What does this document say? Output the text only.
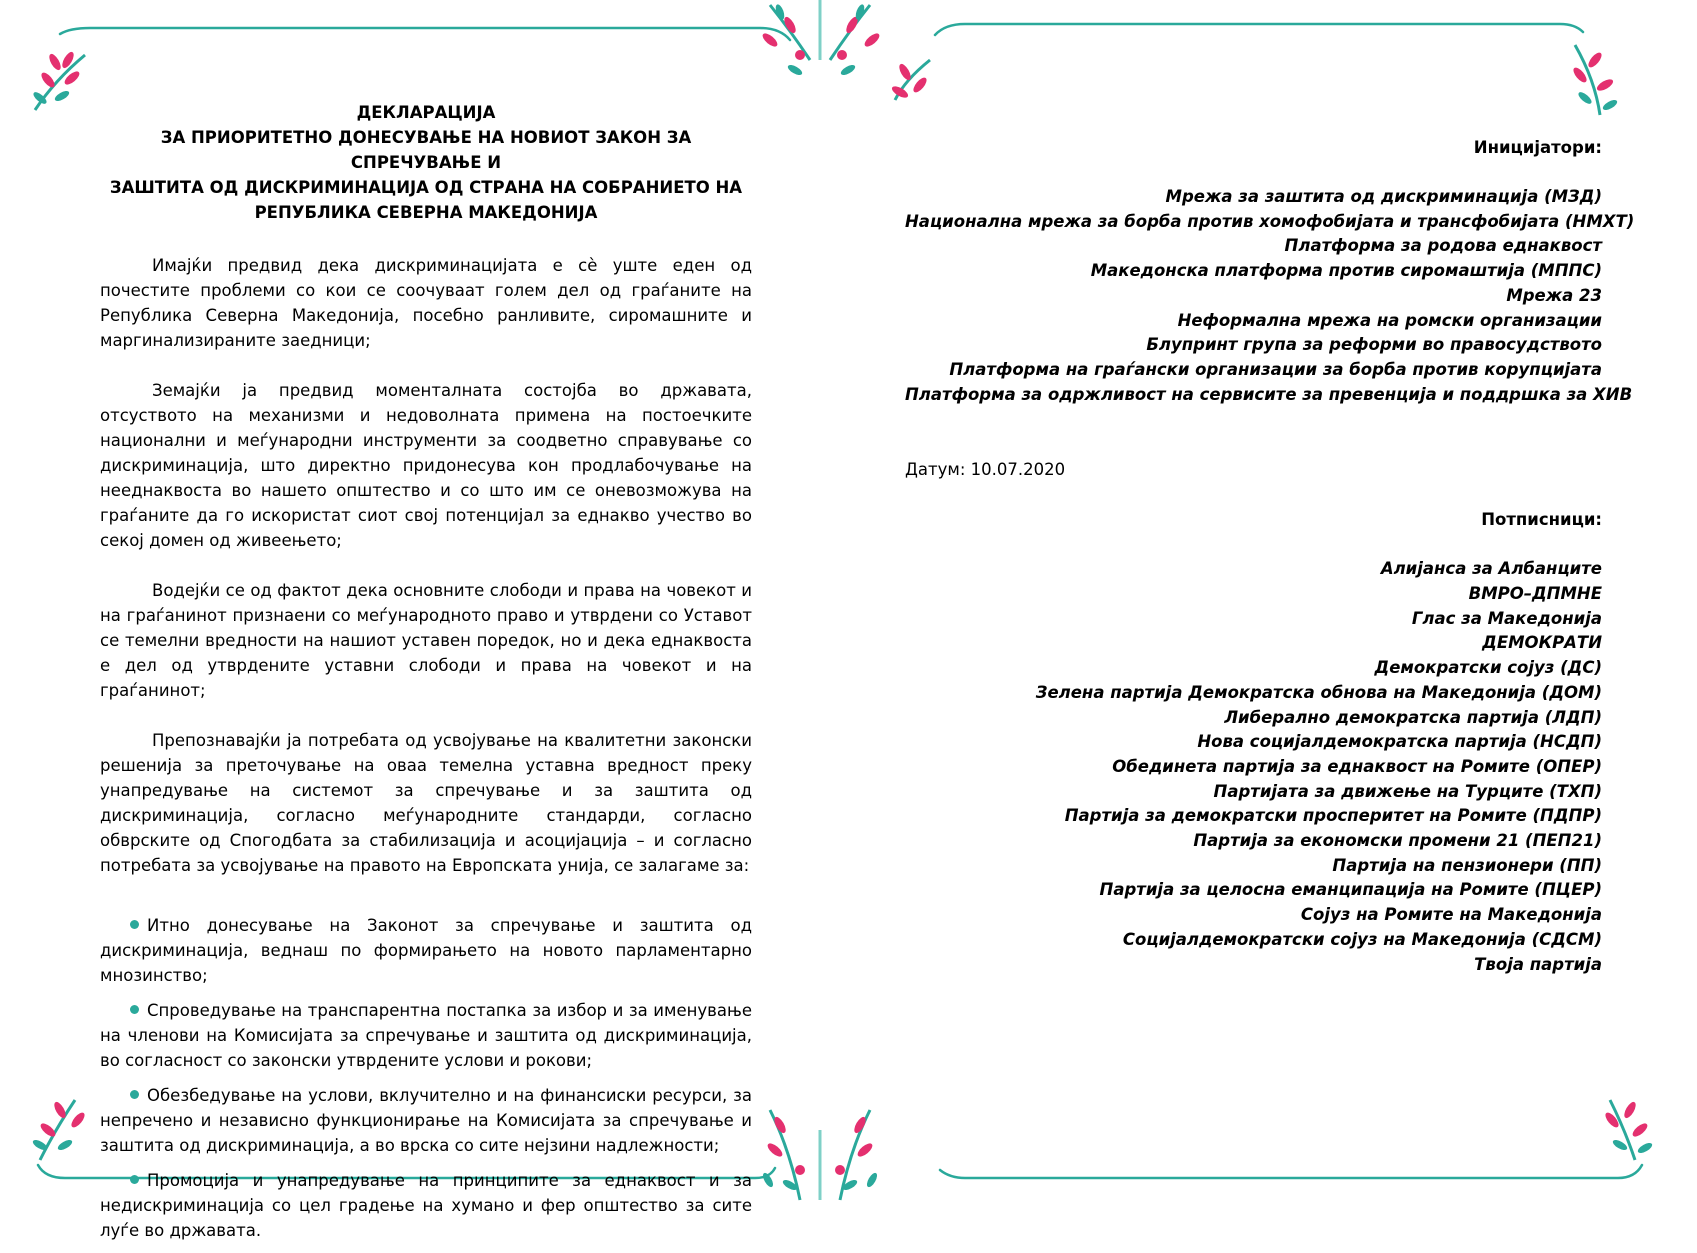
ДЕКЛАРАЦИЈА
ЗА ПРИОРИТЕТНО ДОНЕСУВАЊЕ НА НОВИОТ ЗАКОН ЗА СПРЕЧУВАЊЕ И
ЗАШТИТА ОД ДИСКРИМИНАЦИЈА ОД СТРАНА НА СОБРАНИЕТО НА
РЕПУБЛИКА СЕВЕРНА МАКЕДОНИЈА

Имајќи предвид дека дискриминацијата е сè уште еден од почестите проблеми со кои се соочуваат голем дел од граѓаните на Република Северна Македонија, посебно ранливите, сиромашните и маргинализираните заедници;

Земајќи ја предвид моменталната состојба во државата, отсуството на механизми и недоволната примена на постоечките национални и меѓународни инструменти за соодветно справување со дискриминација, што директно придонесува кон продлабочување на нееднаквоста во нашето општество и со што им се оневозможува на граѓаните да го искористат сиот свој потенцијал за еднакво учество во секој домен од живеењето;

Водејќи се од фактот дека основните слободи и права на човекот и на граѓанинот признаени со меѓународното право и утврдени со Уставот се темелни вредности на нашиот уставен поредок, но и дека еднаквоста е дел од утврдените уставни слободи и права на човекот и на граѓанинот;

Препознавајќи ја потребата од усвојување на квалитетни законски решенија за преточување на оваа темелна уставна вредност преку унапредување на системот за спречување и за заштита од дискриминација, согласно меѓународните стандарди, согласно обврските од Спогодбата за стабилизација и асоцијација – и согласно потребата за усвојување на правото на Европската унија, се залагаме за:

Итно донесување на Законот за спречување и заштита од дискриминација, веднаш по формирањето на новото парламентарно мнозинство;
Спроведување на транспарентна постапка за избор и за именување на членови на Комисијата за спречување и заштита од дискриминација, во согласност со законски утврдените услови и рокови;
Обезбедување на услови, вклучително и на финансиски ресурси, за непречено и независно функционирање на Комисијата за спречување и заштита од дискриминација, а во врска со сите нејзини надлежности;
Промоција и унапредување на принципите за еднаквост и за недискриминација со цел градење на хумано и фер општество за сите луѓе во државата.
Иницијатори:
Мрежа за заштита од дискриминација (МЗД)
Национална мрежа за борба против хомофобијата и трансфобијата (НМХТ)
Платформа за родова еднаквост
Македонска платформа против сиромаштија (МППС)
Мрежа 23
Неформална мрежа на ромски организации
Блупринт група за реформи во правосудството
Платформа на граѓански организации за борба против корупцијата
Платформа за одржливост на сервисите за превенција и поддршка за ХИВ
Датум: 10.07.2020
Потписници:
Алијанса за Албанците
ВМРО–ДПМНЕ
Глас за Македонија
ДЕМОКРАТИ
Демократски сојуз (ДС)
Зелена партија Демократска обнова на Македонија (ДОМ)
Либерално демократска партија (ЛДП)
Нова социјалдемократска партија (НСДП)
Обединета партија за еднаквост на Ромите (ОПЕР)
Партијата за движење на Турците (ТХП)
Партија за демократски просперитет на Ромите (ПДПР)
Партија за економски промени 21 (ПЕП21)
Партија на пензионери (ПП)
Партија за целосна еманципација на Ромите (ПЦЕР)
Сојуз на Ромите на Македонија
Социјалдемократски сојуз на Македонија (СДСМ)
Твоја партија
